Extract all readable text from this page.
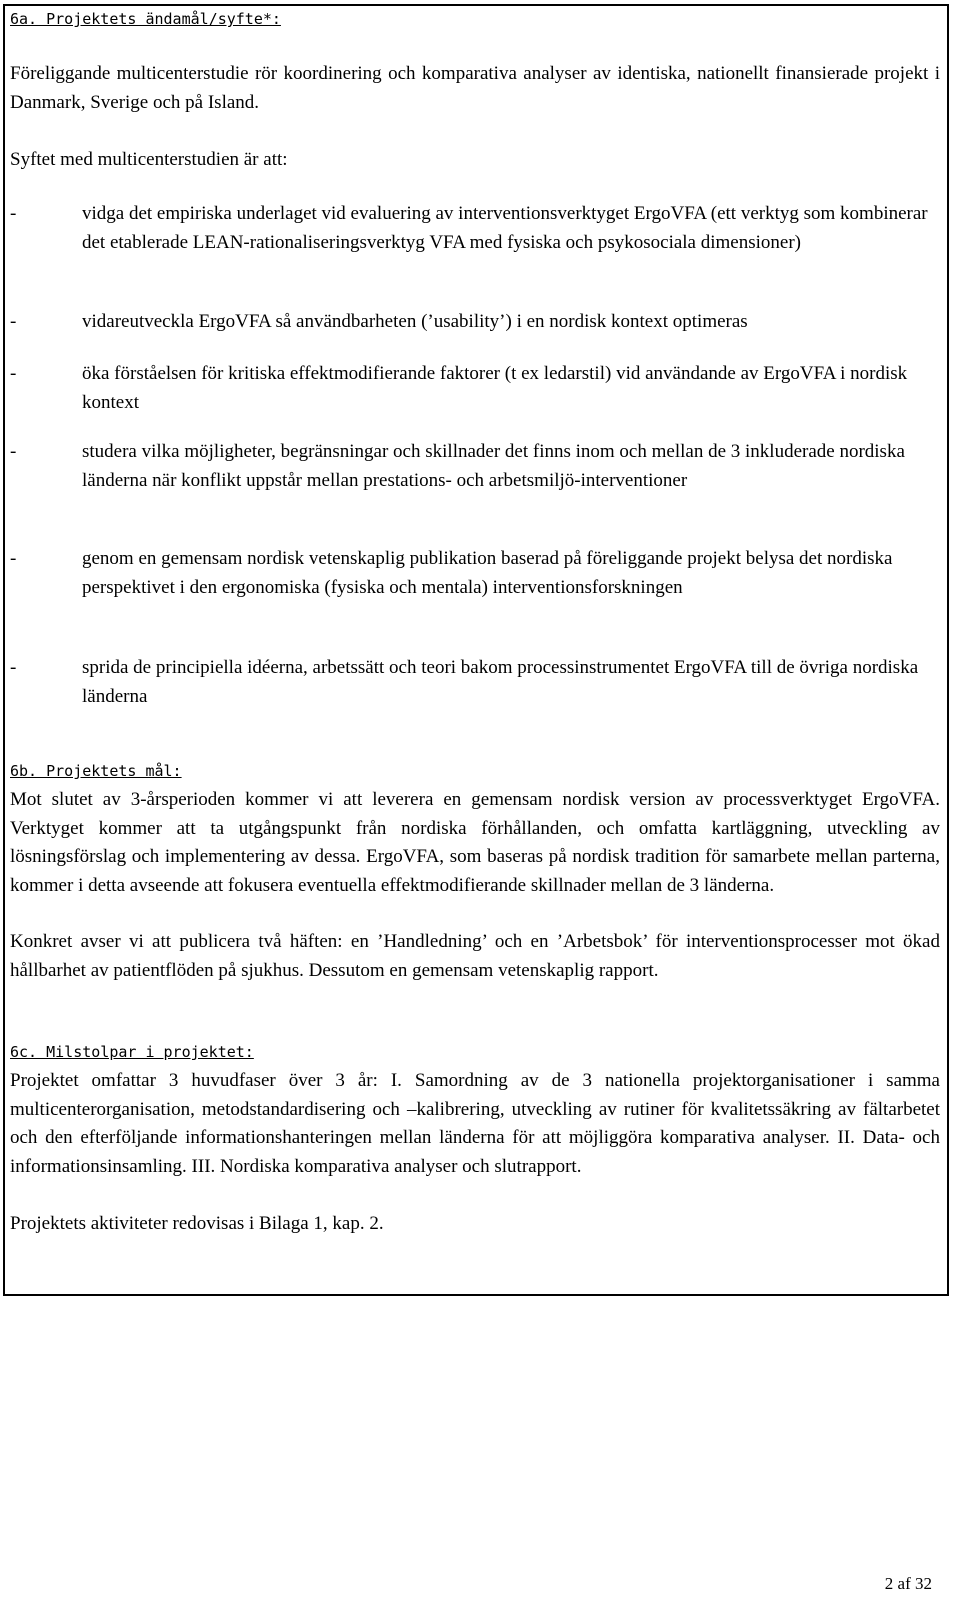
6a. Projektets ändamål/syfte*:

Föreliggande multicenterstudie rör koordinering och komparativa analyser av identiska, nationellt finansierade projekt i Danmark, Sverige och på Island.

Syftet med multicenterstudien är att:

-	vidga det empiriska underlaget vid evaluering av interventionsverktyget ErgoVFA (ett verktyg som kombinerar det etablerade LEAN-rationaliseringsverktyg VFA med fysiska och psykosociala dimensioner)

-	vidareutveckla ErgoVFA så användbarheten (’usability’) i en nordisk kontext optimeras

-	öka förståelsen för kritiska effektmodifierande faktorer (t ex ledarstil) vid användande av ErgoVFA i nordisk kontext

-	studera vilka möjligheter, begränsningar och skillnader det finns inom och mellan de 3 inkluderade nordiska länderna när konflikt uppstår mellan prestations- och arbetsmiljö-interventioner

-	genom en gemensam nordisk vetenskaplig publikation baserad på föreliggande projekt belysa det nordiska perspektivet i den ergonomiska (fysiska och mentala) interventionsforskningen

-	sprida de principiella idéerna, arbetssätt och teori bakom processinstrumentet ErgoVFA till de övriga nordiska länderna

6b. Projektets mål:

Mot slutet av 3-årsperioden kommer vi att leverera en gemensam nordisk version av processverktyget ErgoVFA. Verktyget kommer att ta utgångspunkt från nordiska förhållanden, och omfatta kartläggning, utveckling av lösningsförslag och implementering av dessa. ErgoVFA, som baseras på nordisk tradition för samarbete mellan parterna, kommer i detta avseende att fokusera eventuella effektmodifierande skillnader mellan de 3 länderna.

Konkret avser vi att publicera två häften: en ’Handledning’ och en ’Arbetsbok’ för interventionsprocesser mot ökad hållbarhet av patientflöden på sjukhus. Dessutom en gemensam vetenskaplig rapport.

6c. Milstolpar i projektet:

Projektet omfattar 3 huvudfaser över 3 år: I. Samordning av de 3 nationella projektorganisationer i samma multicenterorganisation, metodstandardisering och –kalibrering, utveckling av rutiner för kvalitetssäkring av fältarbetet och den efterföljande informationshanteringen mellan länderna för att möjliggöra komparativa analyser. II. Data- och informationsinsamling. III. Nordiska komparativa analyser och slutrapport.

Projektets aktiviteter redovisas i Bilaga 1, kap. 2.

2 af 32
